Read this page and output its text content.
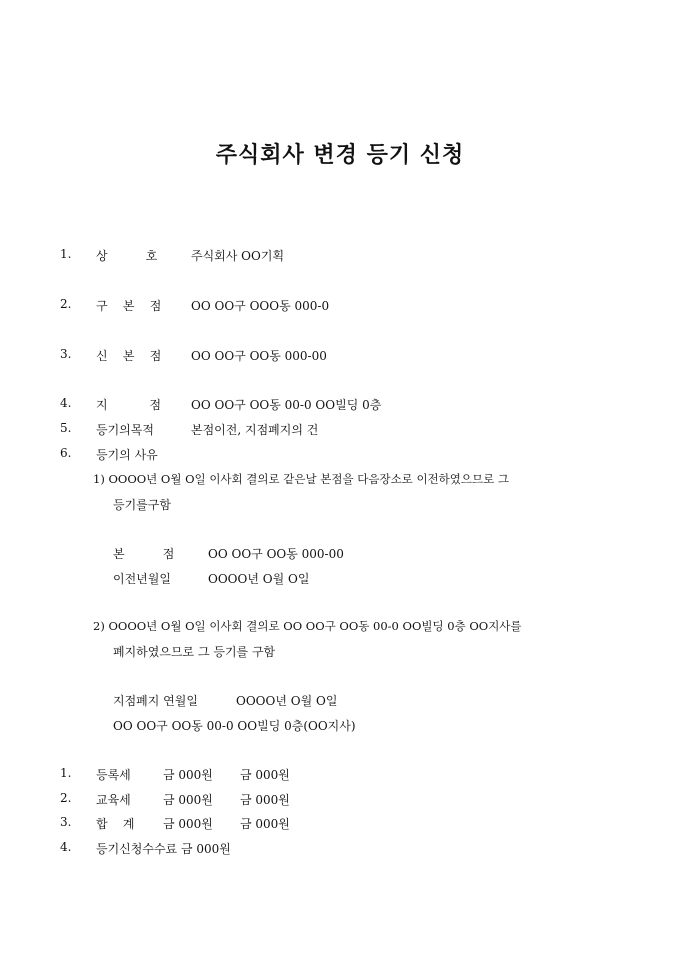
주식회사 변경 등기 신청
1. 상          호	주식회사 OO기획
2. 구    본    점 OO OO구 OOO동 000-0
3. 신    본    점 OO OO구 OO동 000-00
4. 지           점 OO OO구 OO동 00-0 OO빌딩 0층
5. 등기의목적	본점이전, 지점폐지의 건
6. 등기의 사유
1) OOOO년 O월 O일 이사회 결의로 같은날 본점을 다음장소로 이전하였으므로 그
등기를구함
본          점	OO OO구 OO동 000-00
이전년월일	OOOO년 O월 O일
2) OOOO년 O월 O일 이사회 결의로 OO OO구 OO동 00-0 OO빌딩 0층 OO지사를
폐지하였으므로 그 등기를 구함
지점폐지 연월일	OOOO년 O월 O일
OO OO구 OO동 00-0 OO빌딩 0층(OO지사)
1. 등록세	금 000원 금 000원
2. 교육세	금 000원 금 000원
3. 합    계 금 000원 금 000원
4. 등기신청수수료 금 000원
